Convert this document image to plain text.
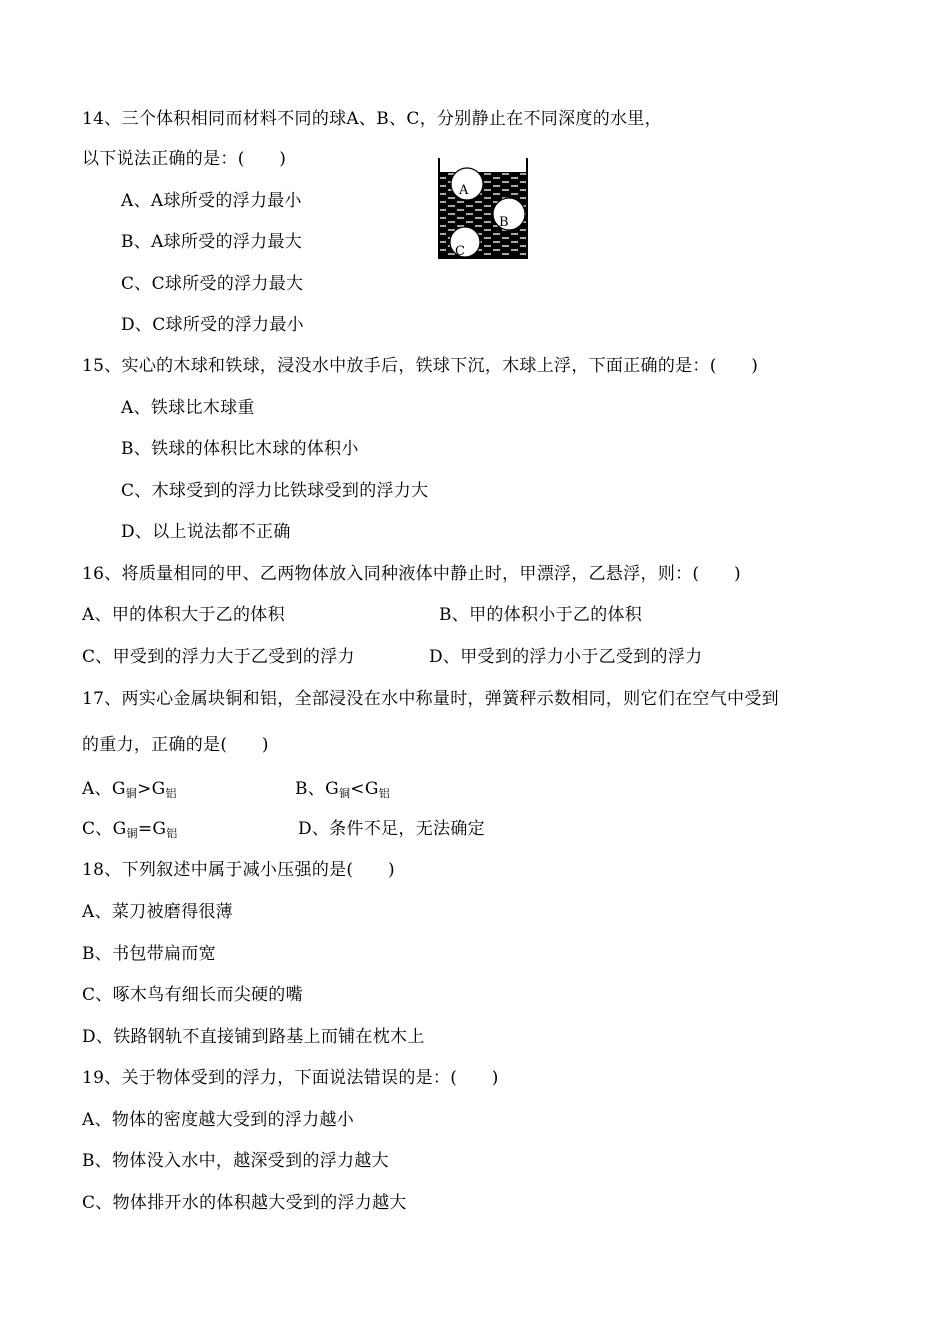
14、三个体积相同而材料不同的球A、B、C，分别静止在不同深度的水里，
以下说法正确的是：(　　)
A、A球所受的浮力最小
B、A球所受的浮力最大
C、C球所受的浮力最大
D、C球所受的浮力最小
A
B
C
15、实心的木球和铁球，浸没水中放手后，铁球下沉，木球上浮，下面正确的是：(　　)
A、铁球比木球重
B、铁球的体积比木球的体积小
C、木球受到的浮力比铁球受到的浮力大
D、以上说法都不正确
16、将质量相同的甲、乙两物体放入同种液体中静止时，甲漂浮，乙悬浮，则：(　　)
A、甲的体积大于乙的体积	B、甲的体积小于乙的体积
C、甲受到的浮力大于乙受到的浮力	D、甲受到的浮力小于乙受到的浮力
17、两实心金属块铜和铝，全部浸没在水中称量时，弹簧秤示数相同，则它们在空气中受到
的重力，正确的是(　　)
A、$G_铜>G_铝$	B、$G_铜<G_铝$
C、$G_铜=G_铝$	D、条件不足，无法确定
18、下列叙述中属于减小压强的是(　　)
A、菜刀被磨得很薄
B、书包带扁而宽
C、啄木鸟有细长而尖硬的嘴
D、铁路钢轨不直接铺到路基上而铺在枕木上
19、关于物体受到的浮力，下面说法错误的是：(　　)
A、物体的密度越大受到的浮力越小
B、物体没入水中，越深受到的浮力越大
C、物体排开水的体积越大受到的浮力越大
